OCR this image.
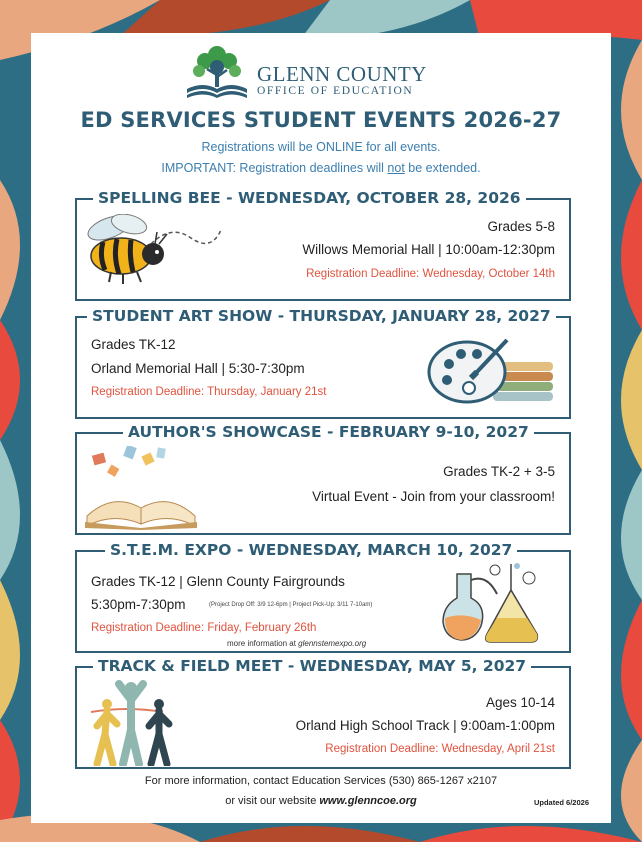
GLENN COUNTY
OFFICE OF EDUCATION
ED SERVICES STUDENT EVENTS 2026-27
Registrations will be ONLINE for all events.
IMPORTANT: Registration deadlines will not be extended.
SPELLING BEE - WEDNESDAY, OCTOBER 28, 2026
Grades 5-8
Willows Memorial Hall | 10:00am-12:30pm
Registration Deadline: Wednesday, October 14th
STUDENT ART SHOW - THURSDAY, JANUARY 28, 2027
Grades TK-12
Orland Memorial Hall | 5:30-7:30pm
Registration Deadline: Thursday, January 21st
AUTHOR'S SHOWCASE - FEBRUARY 9-10, 2027
Grades TK-2 + 3-5
Virtual Event - Join from your classroom!
S.T.E.M. EXPO - WEDNESDAY, MARCH 10, 2027
Grades TK-12 | Glenn County Fairgrounds
5:30pm-7:30pm	(Project Drop Off: 3/9 12-6pm | Project Pick-Up: 3/11 7-10am)
Registration Deadline: Friday, February 26th
more information at glennstemexpo.org
TRACK & FIELD MEET - WEDNESDAY, MAY 5, 2027
Ages 10-14
Orland High School Track | 9:00am-1:00pm
Registration Deadline: Wednesday, April 21st
For more information, contact Education Services (530) 865-1267 x2107
or visit our website www.glenncoe.org	Updated 6/2026
